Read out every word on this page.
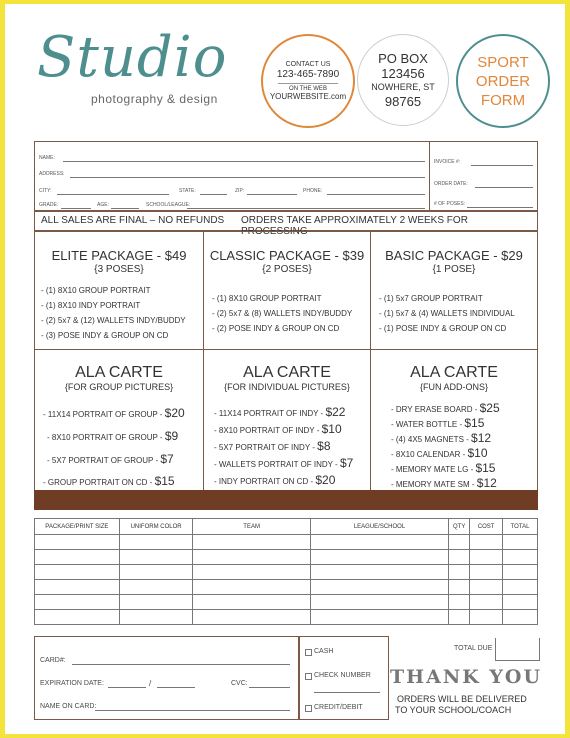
Studio
photography & design
CONTACT US
123-465-7890
ON THE WEB
YOURWEBSITE.com
PO BOX
123456
NOWHERE, ST
98765
SPORT
ORDER
FORM
NAME:
ADDRESS:
CITY:	STATE:	ZIP:	PHONE:
GRADE:	AGE:	SCHOOL/LEAGUE:
INVOICE #:
ORDER DATE:
# OF POSES:
ALL SALES ARE FINAL – NO REFUNDS ORDERS TAKE APPROXIMATELY 2 WEEKS FOR PROCESSING
ELITE PACKAGE - $49
{3 POSES}
- (1) 8X10 GROUP PORTRAIT
- (1) 8X10 INDY PORTRAIT
- (2) 5x7 & (12) WALLETS INDY/BUDDY
- (3) POSE INDY & GROUP ON CD
CLASSIC PACKAGE - $39
{2 POSES}
- (1) 8X10 GROUP PORTRAIT
- (2) 5x7 & (8) WALLETS INDY/BUDDY
- (2) POSE INDY & GROUP ON CD
BASIC PACKAGE - $29
{1 POSE}
- (1) 5x7 GROUP PORTRAIT
- (1) 5x7 & (4) WALLETS INDIVIDUAL
- (1) POSE INDY & GROUP ON CD
ALA CARTE
{FOR GROUP PICTURES}
- 11X14 PORTRAIT OF GROUP - $20
- 8X10 PORTRAIT OF GROUP - $9
- 5X7 PORTRAIT OF GROUP - $7
- GROUP PORTRAIT ON CD - $15
ALA CARTE
{FOR INDIVIDUAL PICTURES}
- 11X14 PORTRAIT OF INDY - $22
- 8X10 PORTRAIT OF INDY - $10
- 5X7 PORTRAIT OF INDY - $8
- WALLETS PORTRAIT OF INDY - $7
- INDY PORTRAIT ON CD - $20
ALA CARTE
{FUN ADD-ONS}
- DRY ERASE BOARD - $25
- WATER BOTTLE - $15
- (4) 4X5 MAGNETS - $12
- 8X10 CALENDAR - $10
- MEMORY MATE LG - $15
- MEMORY MATE SM - $12
PACKAGE/PRINT SIZE	UNIFORM COLOR	TEAM	LEAGUE/SCHOOL	QTY	COST	TOTAL

CARD#:
EXPIRATION DATE:	/	CVC:
NAME ON CARD:
CASH
CHECK NUMBER
CREDIT/DEBIT
TOTAL DUE
THANK YOU
ORDERS WILL BE DELIVERED
TO YOUR SCHOOL/COACH
